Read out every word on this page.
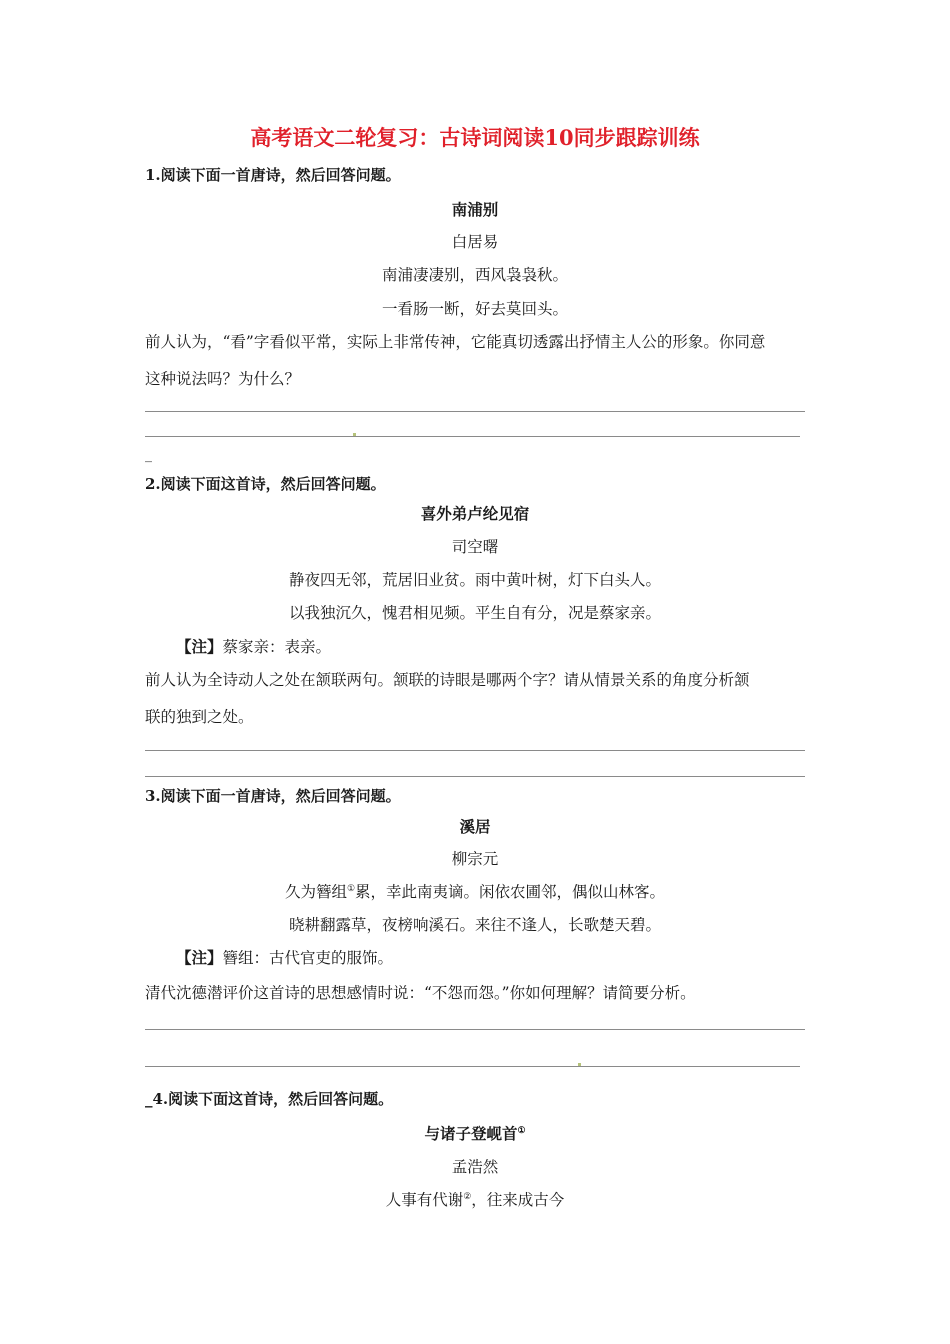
高考语文二轮复习：古诗词阅读10同步跟踪训练
1.阅读下面一首唐诗，然后回答问题。
南浦别
白居易
南浦凄凄别，西风袅袅秋。
一看肠一断，好去莫回头。
前人认为，“看”字看似平常，实际上非常传神，它能真切透露出抒情主人公的形象。你同意
这种说法吗？为什么？
_
2.阅读下面这首诗，然后回答问题。
喜外弟卢纶见宿
司空曙
静夜四无邻，荒居旧业贫。雨中黄叶树，灯下白头人。
以我独沉久，愧君相见频。平生自有分，况是蔡家亲。
【注】蔡家亲：表亲。
前人认为全诗动人之处在颔联两句。颔联的诗眼是哪两个字？请从情景关系的角度分析颔
联的独到之处。
3.阅读下面一首唐诗，然后回答问题。
溪居
柳宗元
久为簪组①累，幸此南夷谪。闲依农圃邻，偶似山林客。
晓耕翻露草，夜榜响溪石。来往不逢人，长歌楚天碧。
【注】簪组：古代官吏的服饰。
清代沈德潜评价这首诗的思想感情时说：“不怨而怨。”你如何理解？请简要分析。
_4.阅读下面这首诗，然后回答问题。
与诸子登岘首①
孟浩然
人事有代谢②，往来成古今
